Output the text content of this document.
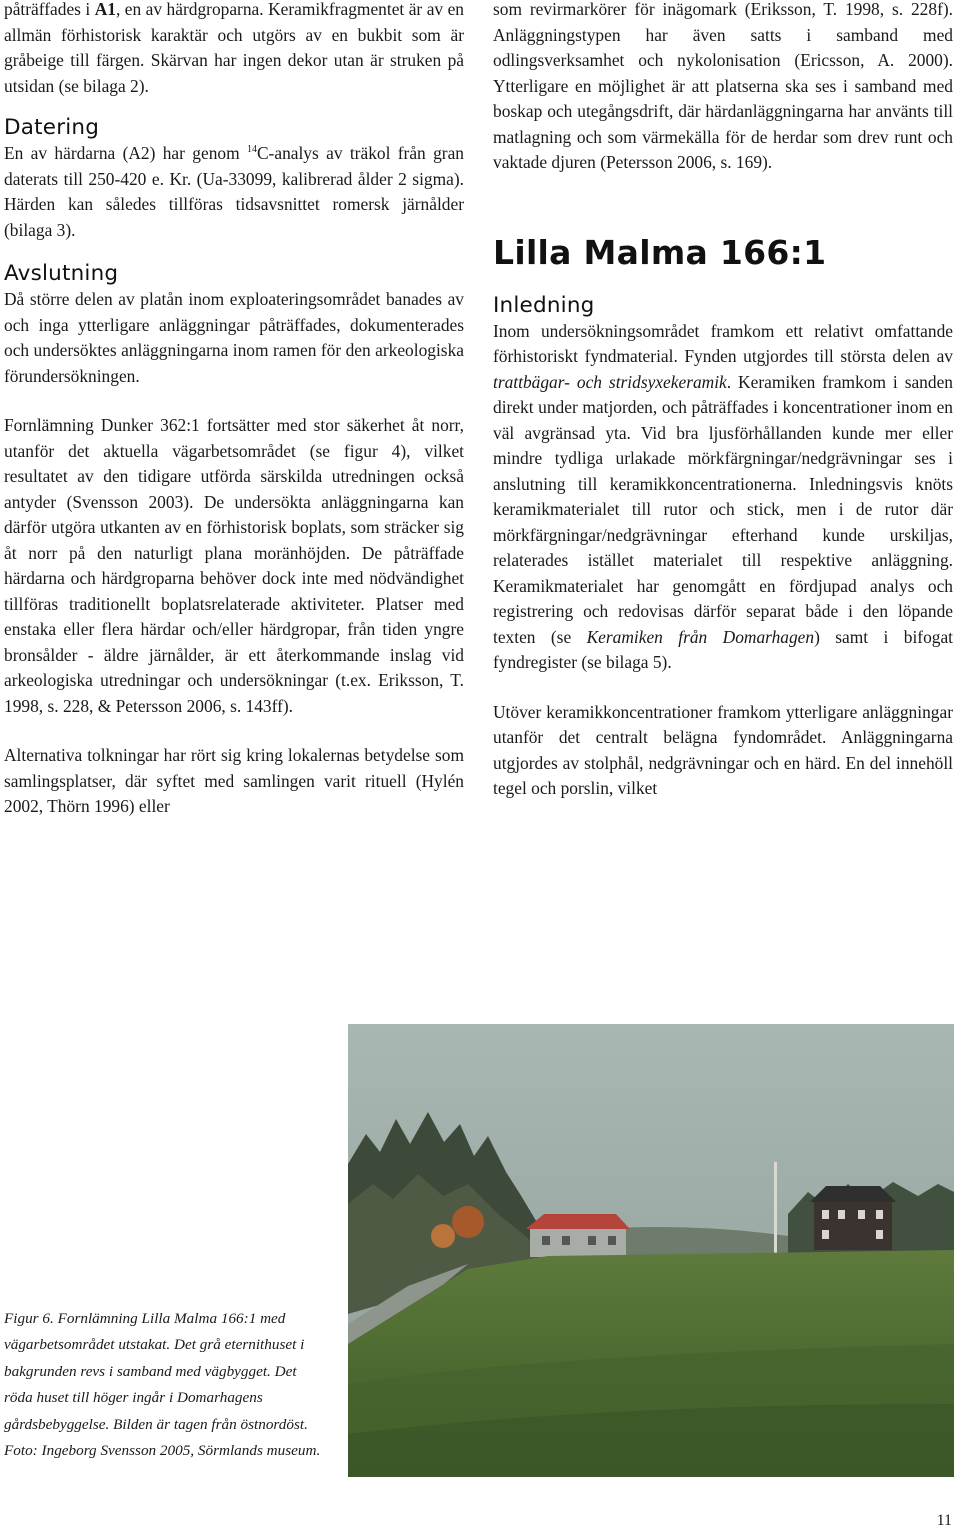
påträffades i A1, en av härdgroparna. Keramikfragmentet är av en allmän förhistorisk karaktär och utgörs av en bukbit som är gråbeige till färgen. Skärvan har ingen dekor utan är struken på utsidan (se bilaga 2).

Datering

En av härdarna (A2) har genom $^{14}$C-analys av träkol från gran daterats till 250-420 e. Kr. (Ua-33099, kalibrerad ålder 2 sigma). Härden kan således tillföras tidsavsnittet romersk järnålder (bilaga 3).

Avslutning

Då större delen av platån inom exploateringsområdet banades av och inga ytterligare anläggningar påträffades, dokumenterades och undersöktes anläggningarna inom ramen för den arkeologiska förundersökningen.

Fornlämning Dunker 362:1 fortsätter med stor säkerhet åt norr, utanför det aktuella vägarbetsområdet (se figur 4), vilket resultatet av den tidigare utförda särskilda utredningen också antyder (Svensson 2003). De undersökta anläggningarna kan därför utgöra utkanten av en förhistorisk boplats, som sträcker sig åt norr på den naturligt plana moränhöjden. De påträffade härdarna och härdgroparna behöver dock inte med nödvändighet tillföras traditionellt boplatsrelaterade aktiviteter. Platser med enstaka eller flera härdar och/eller härdgropar, från tiden yngre bronsålder - äldre järnålder, är ett återkommande inslag vid arkeologiska utredningar och undersökningar (t.ex. Eriksson, T. 1998, s. 228, & Petersson 2006, s. 143ff).

Alternativa tolkningar har rört sig kring lokalernas betydelse som samlingsplatser, där syftet med samlingen varit rituell (Hylén 2002, Thörn 1996) eller

som revirmarkörer för inägomark (Eriksson, T. 1998, s. 228f). Anläggningstypen har även satts i samband med odlingsverksamhet och nykolonisation (Ericsson, A. 2000). Ytterligare en möjlighet är att platserna ska ses i samband med boskap och utegångsdrift, där härdanläggningarna har använts till matlagning och som värmekälla för de herdar som drev runt och vaktade djuren (Petersson 2006, s. 169).

Lilla Malma 166:1
Inledning

Inom undersökningsområdet framkom ett relativt omfattande förhistoriskt fyndmaterial. Fynden utgjordes till största delen av trattbägar- och stridsyxekeramik. Keramiken framkom i sanden direkt under matjorden, och påträffades i koncentrationer inom en väl avgränsad yta. Vid bra ljusförhållanden kunde mer eller mindre tydliga urlakade mörkfärgningar/nedgrävningar ses i anslutning till keramikkoncentrationerna. Inledningsvis knöts keramikmaterialet till rutor och stick, men i de rutor där mörkfärgningar/nedgrävningar efterhand kunde urskiljas, relaterades istället materialet till respektive anläggning. Keramikmaterialet har genomgått en fördjupad analys och registrering och redovisas därför separat både i den löpande texten (se Keramiken från Domarhagen) samt i bifogat fyndregister (se bilaga 5).

Utöver keramikkoncentrationer framkom ytterligare anläggningar utanför det centralt belägna fyndområdet. Anläggningarna utgjordes av stolphål, nedgrävningar och en härd. En del innehöll tegel och porslin, vilket

Figur 6. Fornlämning Lilla Malma 166:1 med vägarbetsområdet utstakat. Det grå eternithuset i bakgrunden revs i samband med vägbygget. Det röda huset till höger ingår i Domarhagens gårdsbebyggelse. Bilden är tagen från östnordöst. Foto: Ingeborg Svensson 2005, Sörmlands museum.
11
